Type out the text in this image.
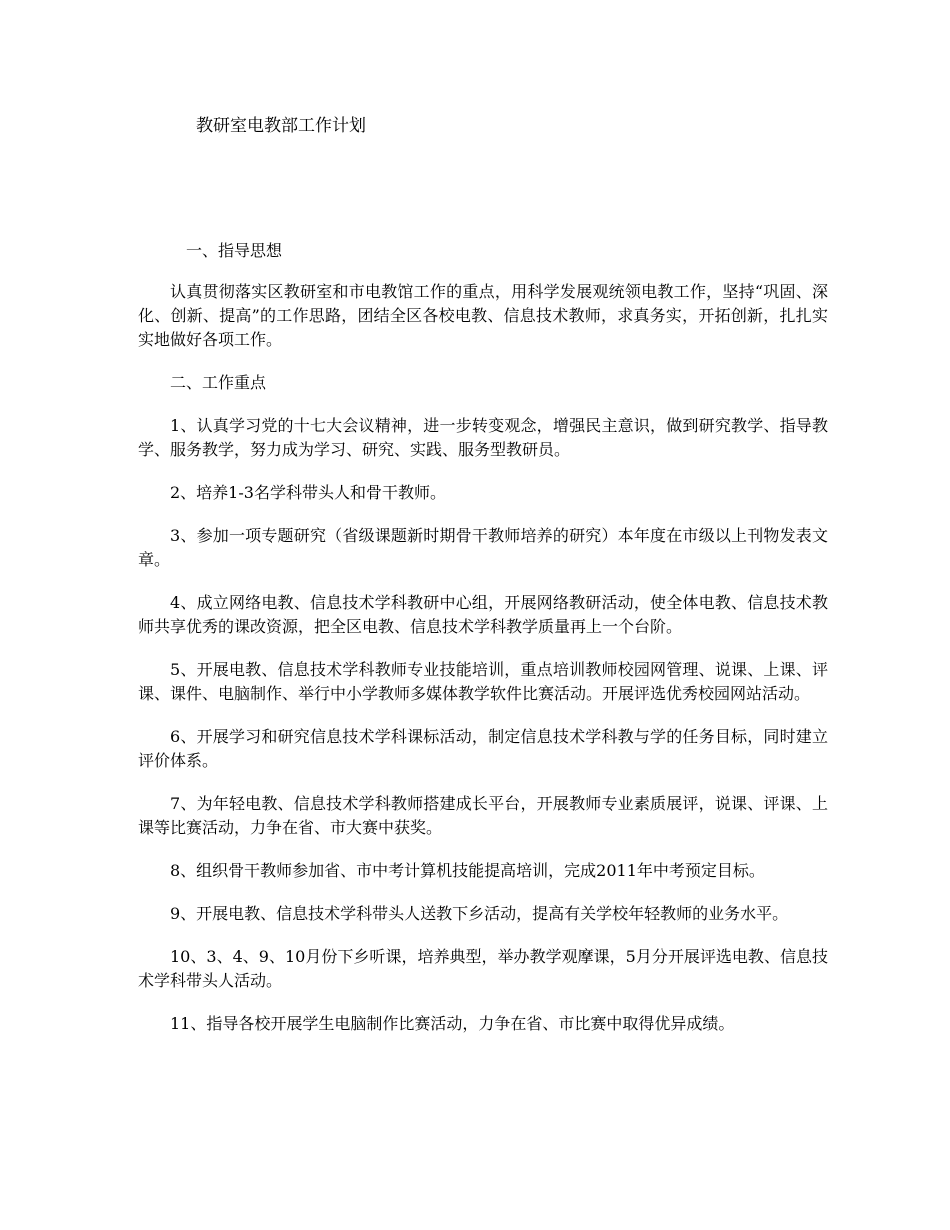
教研室电教部工作计划
一、指导思想

认真贯彻落实区教研室和市电教馆工作的重点，用科学发展观统领电教工作，坚持“巩固、深化、创新、提高”的工作思路，团结全区各校电教、信息技术教师，求真务实，开拓创新，扎扎实实地做好各项工作。

二、工作重点

1、认真学习党的十七大会议精神，进一步转变观念，增强民主意识，做到研究教学、指导教学、服务教学，努力成为学习、研究、实践、服务型教研员。

2、培养1-3名学科带头人和骨干教师。

3、参加一项专题研究（省级课题新时期骨干教师培养的研究）本年度在市级以上刊物发表文章。

4、成立网络电教、信息技术学科教研中心组，开展网络教研活动，使全体电教、信息技术教师共享优秀的课改资源，把全区电教、信息技术学科教学质量再上一个台阶。

5、开展电教、信息技术学科教师专业技能培训，重点培训教师校园网管理、说课、上课、评课、课件、电脑制作、举行中小学教师多媒体教学软件比赛活动。开展评选优秀校园网站活动。

6、开展学习和研究信息技术学科课标活动，制定信息技术学科教与学的任务目标，同时建立评价体系。

7、为年轻电教、信息技术学科教师搭建成长平台，开展教师专业素质展评，说课、评课、上课等比赛活动，力争在省、市大赛中获奖。

8、组织骨干教师参加省、市中考计算机技能提高培训，完成2011年中考预定目标。

9、开展电教、信息技术学科带头人送教下乡活动，提高有关学校年轻教师的业务水平。

10、3、4、9、10月份下乡听课，培养典型，举办教学观摩课，5月分开展评选电教、信息技术学科带头人活动。

11、指导各校开展学生电脑制作比赛活动，力争在省、市比赛中取得优异成绩。
